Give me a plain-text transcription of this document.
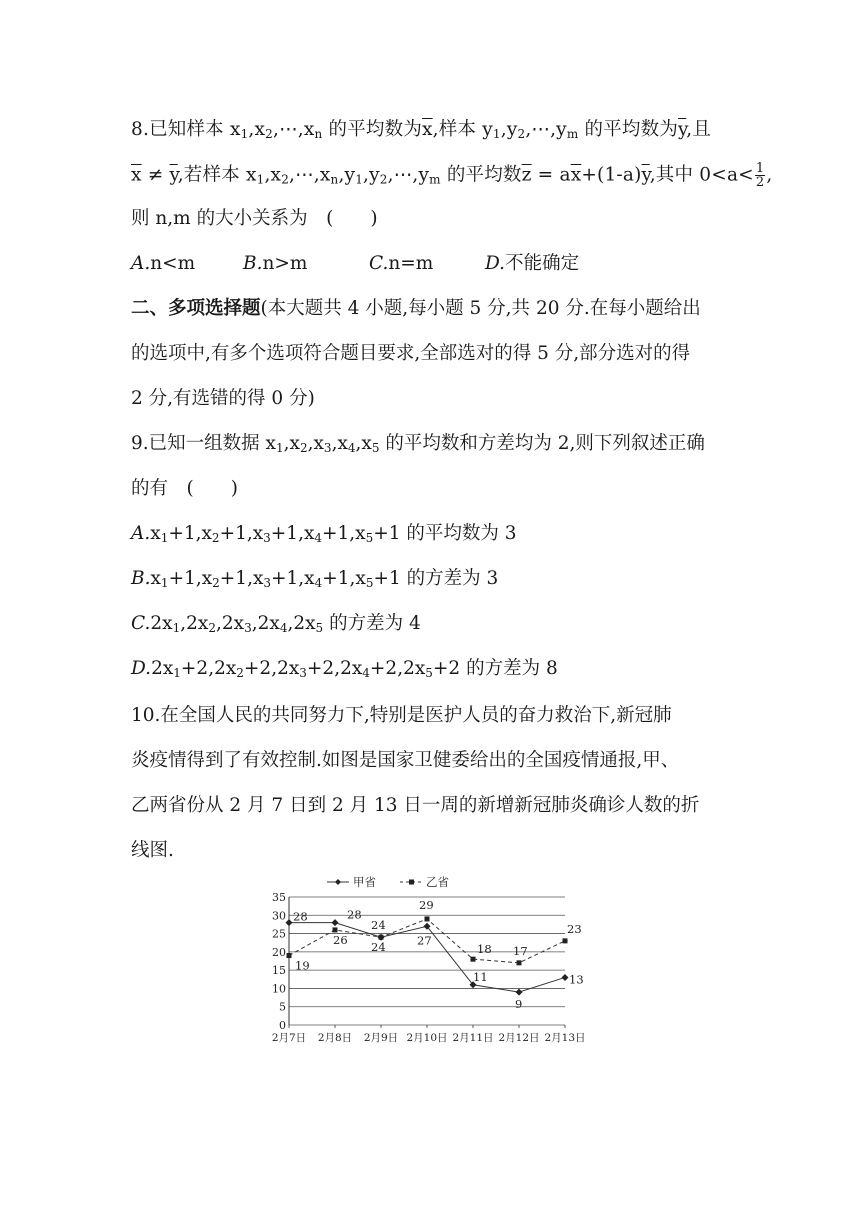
8.已知样本 $x_1,x_2,\cdots,x_n$ 的平均数为$\overline{x}$,样本 $y_1,y_2,\cdots,y_m$ 的平均数为$\overline{y}$,且
$\overline{x} \ne \overline{y}$,若样本 $x_1,x_2,\cdots,x_n,y_1,y_2,\cdots,y_m$ 的平均数$\overline{z} = a\overline{x}+(1-a)\overline{y}$,其中 $0<a< \frac{1}{2}$ ,
则 n,m 的大小关系为　(　　)
A.n<m	B.n>m	C.n=m	D.不能确定
二、多项选择题(本大题共 4 小题,每小题 5 分,共 20 分.在每小题给出
的选项中,有多个选项符合题目要求,全部选对的得 5 分,部分选对的得
2 分,有选错的得 0 分)
9.已知一组数据 $x_1,x_2,x_3,x_4,x_5$ 的平均数和方差均为 2,则下列叙述正确
的有　(　　)
$A.x_1+1,x_2+1,x_3+1,x_4+1,x_5+1$ 的平均数为 3
$B.x_1+1,x_2+1,x_3+1,x_4+1,x_5+1$ 的方差为 3
$C.2x_1,2x_2,2x_3,2x_4,2x_5$ 的方差为 4
$D.2x_1+2,2x_2+2,2x_3+2,2x_4+2,2x_5+2$ 的方差为 8
10.在全国人民的共同努力下,特别是医护人员的奋力救治下,新冠肺
炎疫情得到了有效控制.如图是国家卫健委给出的全国疫情通报,甲、
乙两省份从 2 月 7 日到 2 月 13 日一周的新增新冠肺炎确诊人数的折
线图.
0
5
10
15
20
25
30
35
2月7日 2月8日 2月9日 2月10日 2月11日 2月12日 2月13日
28	28
24
27
11
9
13
19
26
24
29
18 17
23
甲省	乙省
